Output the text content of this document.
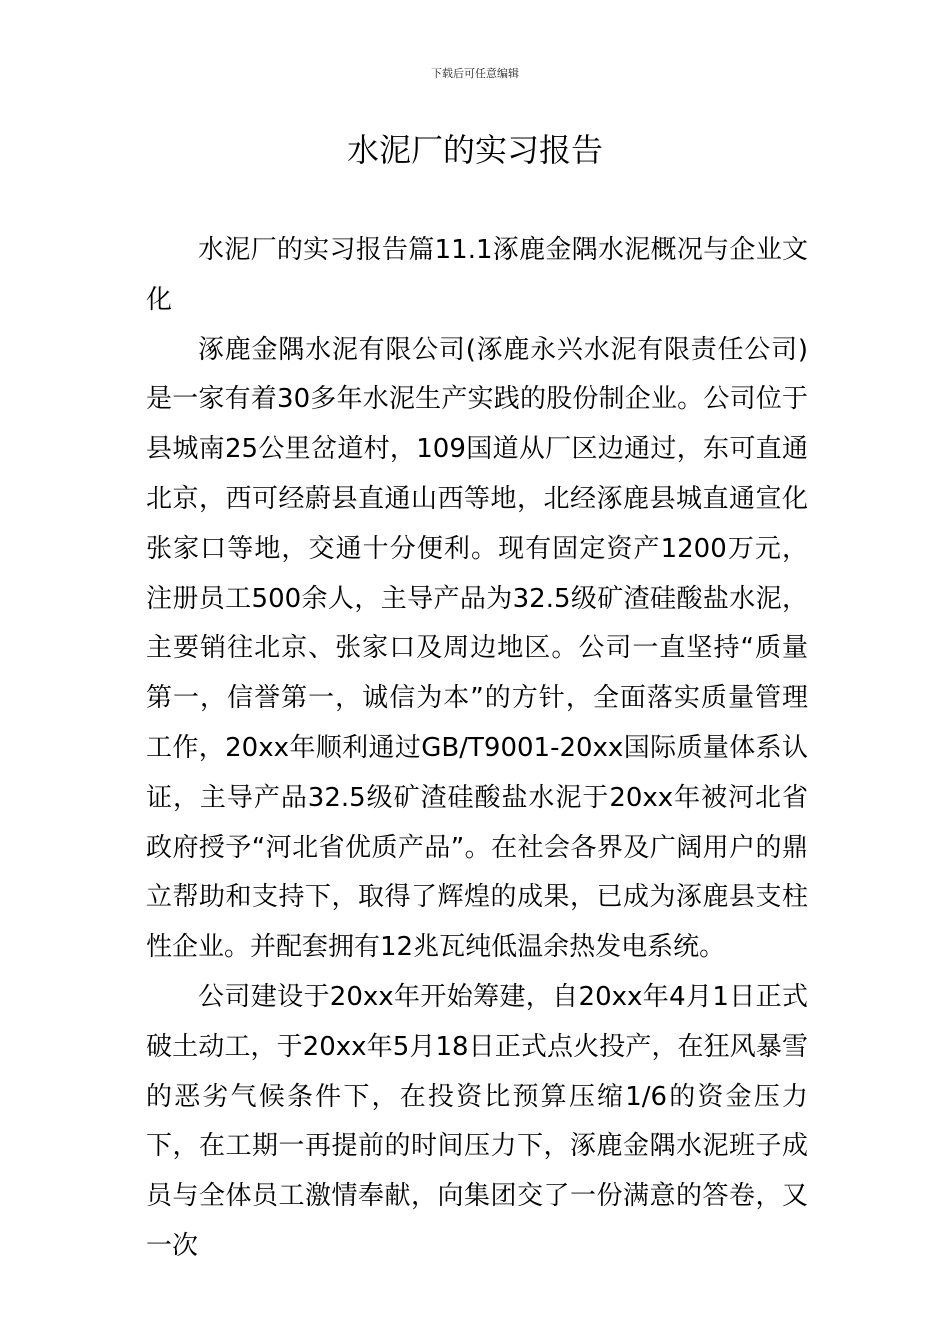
下载后可任意编辑
水泥厂的实习报告

水泥厂的实习报告篇11.1涿鹿金隅水泥概况与企业文化

涿鹿金隅水泥有限公司(涿鹿永兴水泥有限责任公司)是一家有着30多年水泥生产实践的股份制企业。公司位于县城南25公里岔道村，109国道从厂区边通过，东可直通北京，西可经蔚县直通山西等地，北经涿鹿县城直通宣化张家口等地，交通十分便利。现有固定资产1200万元，注册员工500余人，主导产品为32.5级矿渣硅酸盐水泥，主要销往北京、张家口及周边地区。公司一直坚持“质量第一，信誉第一，诚信为本”的方针，全面落实质量管理工作，20xx年顺利通过GB/T9001-20xx国际质量体系认证，主导产品32.5级矿渣硅酸盐水泥于20xx年被河北省政府授予“河北省优质产品”。在社会各界及广阔用户的鼎立帮助和支持下，取得了辉煌的成果，已成为涿鹿县支柱性企业。并配套拥有12兆瓦纯低温余热发电系统。

公司建设于20xx年开始筹建，自20xx年4月1日正式破土动工，于20xx年5月18日正式点火投产，在狂风暴雪的恶劣气候条件下，在投资比预算压缩1/6的资金压力下，在工期一再提前的时间压力下，涿鹿金隅水泥班子成员与全体员工激情奉献，向集团交了一份满意的答卷，又一次
